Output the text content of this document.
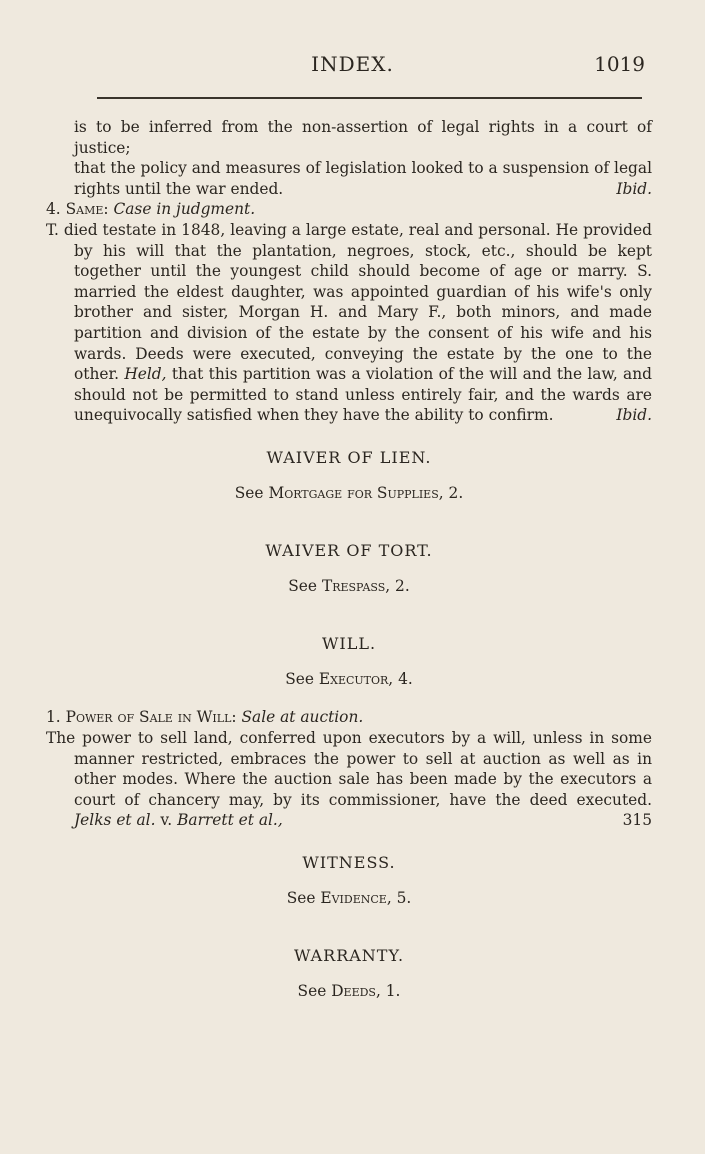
INDEX.	1019

is to be inferred from the non-assertion of legal rights in a court of justice;

that the policy and measures of legislation looked to a suspension of legal

rights until the war ended.	Ibid.

4. Same: Case in judgment.

T. died testate in 1848, leaving a large estate, real and personal. He provided by his will that the plantation, negroes, stock, etc., should be kept together until the youngest child should become of age or marry. S. married the eldest daughter, was appointed guardian of his wife's only brother and sister, Morgan H. and Mary F., both minors, and made partition and division of the estate by the consent of his wife and his wards. Deeds were executed, conveying the estate by the one to the other. Held, that this partition was a violation of the will and the law, and should not be permitted to stand unless entirely fair, and the wards are unequivocally satisfied when they have the ability to confirm.	Ibid.

WAIVER OF LIEN.

See Mortgage for Supplies, 2.

WAIVER OF TORT.

See Trespass, 2.

WILL.

See Executor, 4.

1. Power of Sale in Will: Sale at auction.

The power to sell land, conferred upon executors by a will, unless in some manner restricted, embraces the power to sell at auction as well as in other modes. Where the auction sale has been made by the executors a court of chancery may, by its commissioner, have the deed executed. Jelks et al. v. Barrett et al.,	315

WITNESS.

See Evidence, 5.

WARRANTY.

See Deeds, 1.
